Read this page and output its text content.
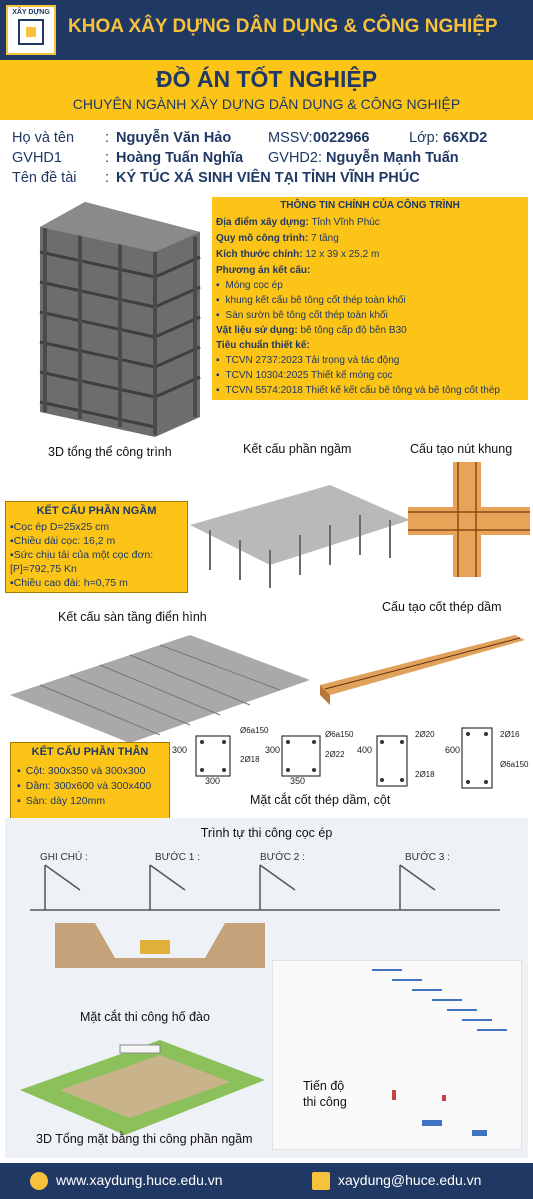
XÂY DỰNG
KHOA XÂY DỰNG DÂN DỤNG & CÔNG NGHIỆP
ĐỒ ÁN TỐT NGHIỆP
CHUYÊN NGÀNH XÂY DỰNG DÂN DỤNG & CÔNG NGHIỆP
Họ và tên : Nguyễn Văn Hảo	MSSV: 0022966	Lớp: 66XD2
GVHD1	: Hoàng Tuấn Nghĩa GVHD2: Nguyễn Mạnh Tuấn
Tên đề tài : KÝ TÚC XÁ SINH VIÊN TẠI TỈNH VĨNH PHÚC
3D tổng thể công trình
THÔNG TIN CHÍNH CỦA CÔNG TRÌNH
Địa điểm xây dựng: Tỉnh Vĩnh Phúc
Quy mô công trình: 7 tầng
Kích thước chính: 12 x 39 x 25,2 m
Phương án kết cấu:
▪ Móng cọc ép
▪ khung kết cấu bê tông cốt thép toàn khối
▪ Sàn sườn bê tông cốt thép toàn khối
Vật liệu sử dụng: bê tông cấp độ bền B30
Tiêu chuẩn thiết kế:
▪ TCVN 2737:2023 Tải trọng và tác động
▪ TCVN 10304:2025 Thiết kế móng cọc
▪ TCVN 5574:2018 Thiết kế kết cấu bê tông và bê tông cốt thép
Kết cấu phần ngầm	Cấu tạo nút khung
KẾT CẤU PHẦN NGẦM
▪Cọc ép D=25x25 cm
▪Chiều dài cọc: 16,2 m
▪Sức chịu tải của một cọc đơn:
[P]=792,75 Kn
▪Chiều cao đài: h=0,75 m
Kết cấu sàn tầng điển hình
Cấu tạo cốt thép dầm
KẾT CẤU PHẦN THÂN
▪ Cột: 300x350 và 300x300
▪ Dầm: 300x600 và 300x400
▪ Sàn: dày 120mm
300
300
350
300	400	600
Ø6a150
2Ø18
Ø6a150
2Ø22
2Ø20
2Ø18
2Ø16
Ø6a150
Mặt cắt cốt thép dầm, cột
Trình tự thi công cọc ép
GHI CHÚ :	BƯỚC 1 :	BƯỚC 2 :	BƯỚC 3 :
Mặt cắt thi công hố đào
Tiến độ
thi công
3D Tổng mặt bằng thi công phần ngầm
www.xaydung.huce.edu.vn	xaydung@huce.edu.vn
